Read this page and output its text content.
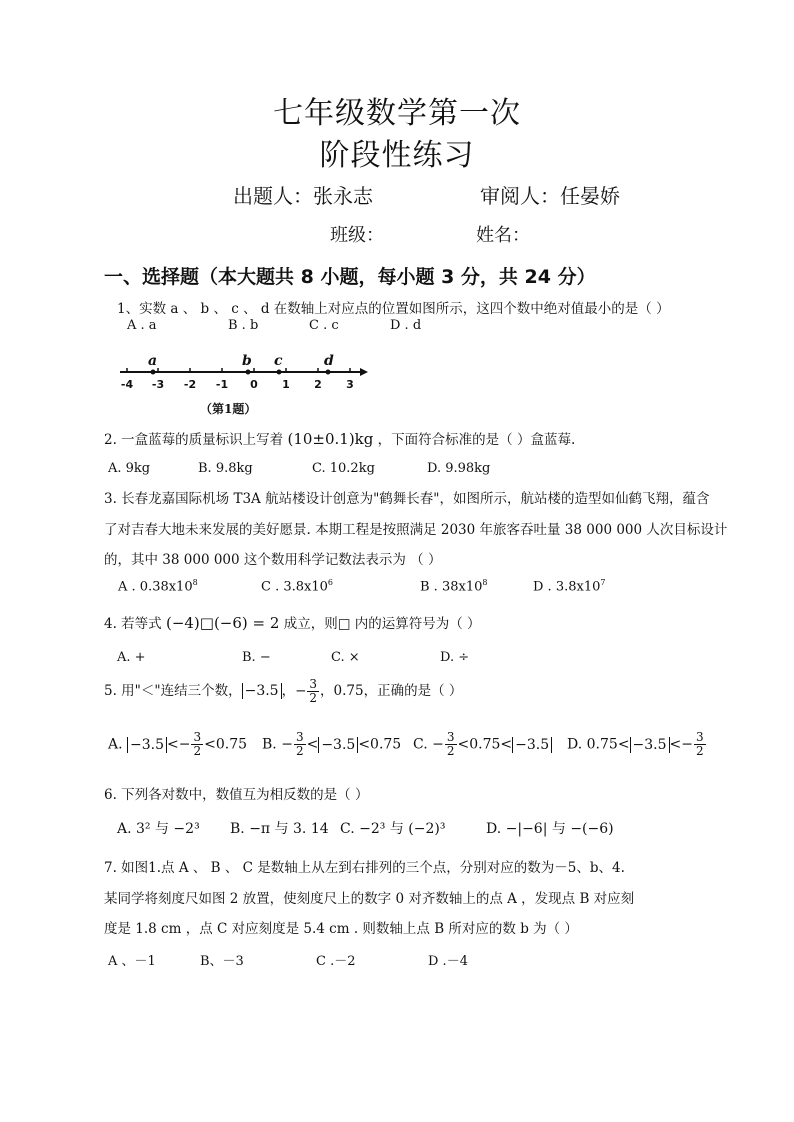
七年级数学第一次
阶段性练习
出题人：张永志	审阅人：任晏娇
班级：	姓名：
一、选择题（本大题共 8 小题，每小题 3 分，共 24 分）
1、实数 a 、 b 、 c 、 d 在数轴上对应点的位置如图所示，这四个数中绝对值最小的是（ ）
A . a	B . b	C . c	D . d
a	b c	d
-4 -3 -2 -1 0 1 2 3
（第1题）
2. 一盒蓝莓的质量标识上写着 (10±0.1)kg ，下面符合标准的是（ ）盒蓝莓.
A. 9kg	B. 9.8kg	C. 10.2kg	D. 9.98kg
3. 长春龙嘉国际机场 T3A 航站楼设计创意为"鹤舞长春"，如图所示，航站楼的造型如仙鹤飞翔，蕴含
了对吉春大地未来发展的美好愿景. 本期工程是按照满足 2030 年旅客吞吐量 38 000 000 人次目标设计
的，其中 38 000 000 这个数用科学记数法表示为 （ ）
A . $0.38x10^8$	C . $3.8x10^6$	B . $38x10^8$	D . $3.8x10^7$
4. 若等式 (−4)□(−6) = 2 成立，则□ 内的运算符号为（ ）
A. +	B. −	C. ×	D. ÷
5. 用"＜"连结三个数， −3.5 ，− $\frac{3}{2}$ ，0.75，正确的是（ ）
A. $-3.5 <- \frac{3}{2} <0.75$ B. − $\frac{3}{2} < -3.5 <0.75$ C. − $\frac{3}{2} <0.75< -3.5$ D. $0.75< -3.5 <- \frac{3}{2}$
6. 下列各对数中，数值互为相反数的是（ ）
A. 3² 与 −2³ B. −π 与 3. 14 C. −2³ 与 (−2)³	D. −|−6| 与 −(−6)
7. 如图1.点 A 、 B 、 C 是数轴上从左到右排列的三个点，分别对应的数为－5、b、4.
某同学将刻度尺如图 2 放置，使刻度尺上的数字 0 对齐数轴上的点 A ，发现点 B 对应刻
度是 1.8 cm ，点 C 对应刻度是 5.4 cm . 则数轴上点 B 所对应的数 b 为（ ）
A 、－1	B、－3	C .－2	D .－4
